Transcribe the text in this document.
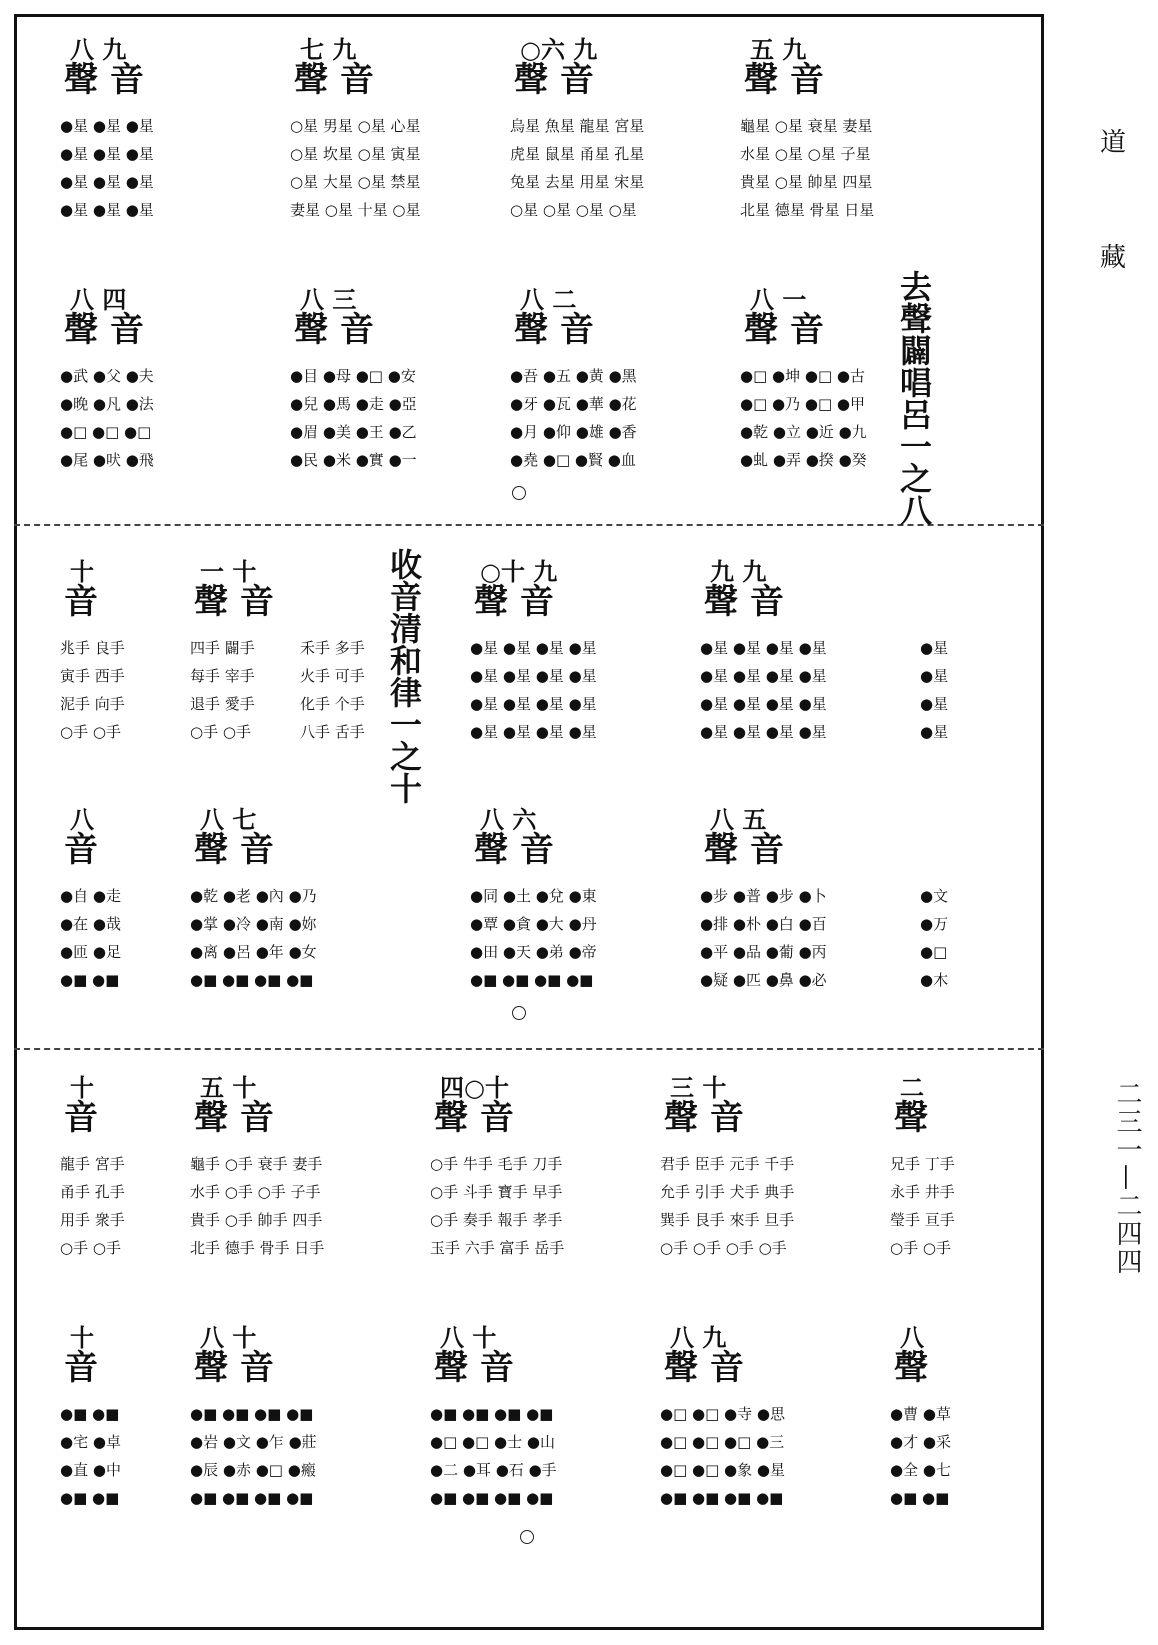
道
藏
二三一—二四四
八 九
聲 音
●星 ●星 ●星
●星 ●星 ●星
●星 ●星 ●星
●星 ●星 ●星
七 九
聲 音
○星 男星 ○星 心星
○星 坎星 ○星 寅星
○星 大星 ○星 禁星
妻星 ○星 十星 ○星
○六 九
聲 音
烏星 魚星 龍星 宮星
虎星 鼠星 甬星 孔星
兔星 去星 用星 宋星
○星 ○星 ○星 ○星
五 九
聲 音
龜星 ○星 衰星 妻星
水星 ○星 ○星 子星
貴星 ○星 帥星 四星
北星 德星 骨星 日星
八 四
聲 音
●武 ●父 ●夫
●晚 ●凡 ●法
●□ ●□ ●□
●尾 ●吠 ●飛
八 三
聲 音
●目 ●母 ●□ ●安
●兒 ●馬 ●走 ●亞
●眉 ●美 ●王 ●乙
●民 ●米 ●實 ●一
八 二
聲 音
●吾 ●五 ●黄 ●黑
●牙 ●瓦 ●華 ●花
●月 ●仰 ●雄 ●香
●堯 ●□ ●賢 ●血
八 一
聲 音
●□ ●坤 ●□ ●古
●□ ●乃 ●□ ●甲
●乾 ●立 ●近 ●九
●虬 ●弄 ●揆 ●癸
十
音
兆手 良手
寅手 西手
泥手 向手
○手 ○手
一 十
聲 音
四手 闢手
每手 宰手
退手 愛手
○手 ○手
禾手 多手
火手 可手
化手 个手
八手 舌手
○十 九
聲 音
●星 ●星 ●星 ●星
●星 ●星 ●星 ●星
●星 ●星 ●星 ●星
●星 ●星 ●星 ●星
九 九
聲 音
●星 ●星 ●星 ●星
●星 ●星 ●星 ●星
●星 ●星 ●星 ●星
●星 ●星 ●星 ●星
●星
●星
●星
●星
八
音
●自 ●走
●在 ●哉
●匝 ●足
●■ ●■
八 七
聲 音
●乾 ●老 ●內 ●乃
●掌 ●冷 ●南 ●妳
●离 ●呂 ●年 ●女
●■ ●■ ●■ ●■
八 六
聲 音
●同 ●土 ●兌 ●東
●覃 ●貪 ●大 ●丹
●田 ●天 ●弟 ●帝
●■ ●■ ●■ ●■
八 五
聲 音
●步 ●普 ●步 ●卜
●排 ●朴 ●白 ●百
●平 ●品 ●葡 ●丙
●疑 ●匹 ●鼻 ●必
●文
●万
●□
●木
十
音
龍手 宮手
甬手 孔手
用手 衆手
○手 ○手
五 十
聲 音
龜手 ○手 衰手 妻手
水手 ○手 ○手 子手
貴手 ○手 帥手 四手
北手 德手 骨手 日手
四○十
聲 音
○手 牛手 毛手 刀手
○手 斗手 寶手 早手
○手 奏手 報手 孝手
玉手 六手 富手 岳手
三 十
聲 音
君手 臣手 元手 千手
允手 引手 犬手 典手
巽手 艮手 來手 旦手
○手 ○手 ○手 ○手
二
聲
兄手 丁手
永手 井手
瑩手 亘手
○手 ○手
十
音
●■ ●■
●宅 ●卓
●直 ●中
●■ ●■
八 十
聲 音
●■ ●■ ●■ ●■
●岩 ●文 ●乍 ●莊
●辰 ●赤 ●□ ●瘢
●■ ●■ ●■ ●■
八 十
聲 音
●■ ●■ ●■ ●■
●□ ●□ ●士 ●山
●二 ●耳 ●石 ●手
●■ ●■ ●■ ●■
八 九
聲 音
●□ ●□ ●寺 ●思
●□ ●□ ●□ ●三
●□ ●□ ●象 ●星
●■ ●■ ●■ ●■
八
聲
●曹 ●草
●才 ●采
●全 ●七
●■ ●■
去聲闢唱呂一之八
收音清和律一之十
